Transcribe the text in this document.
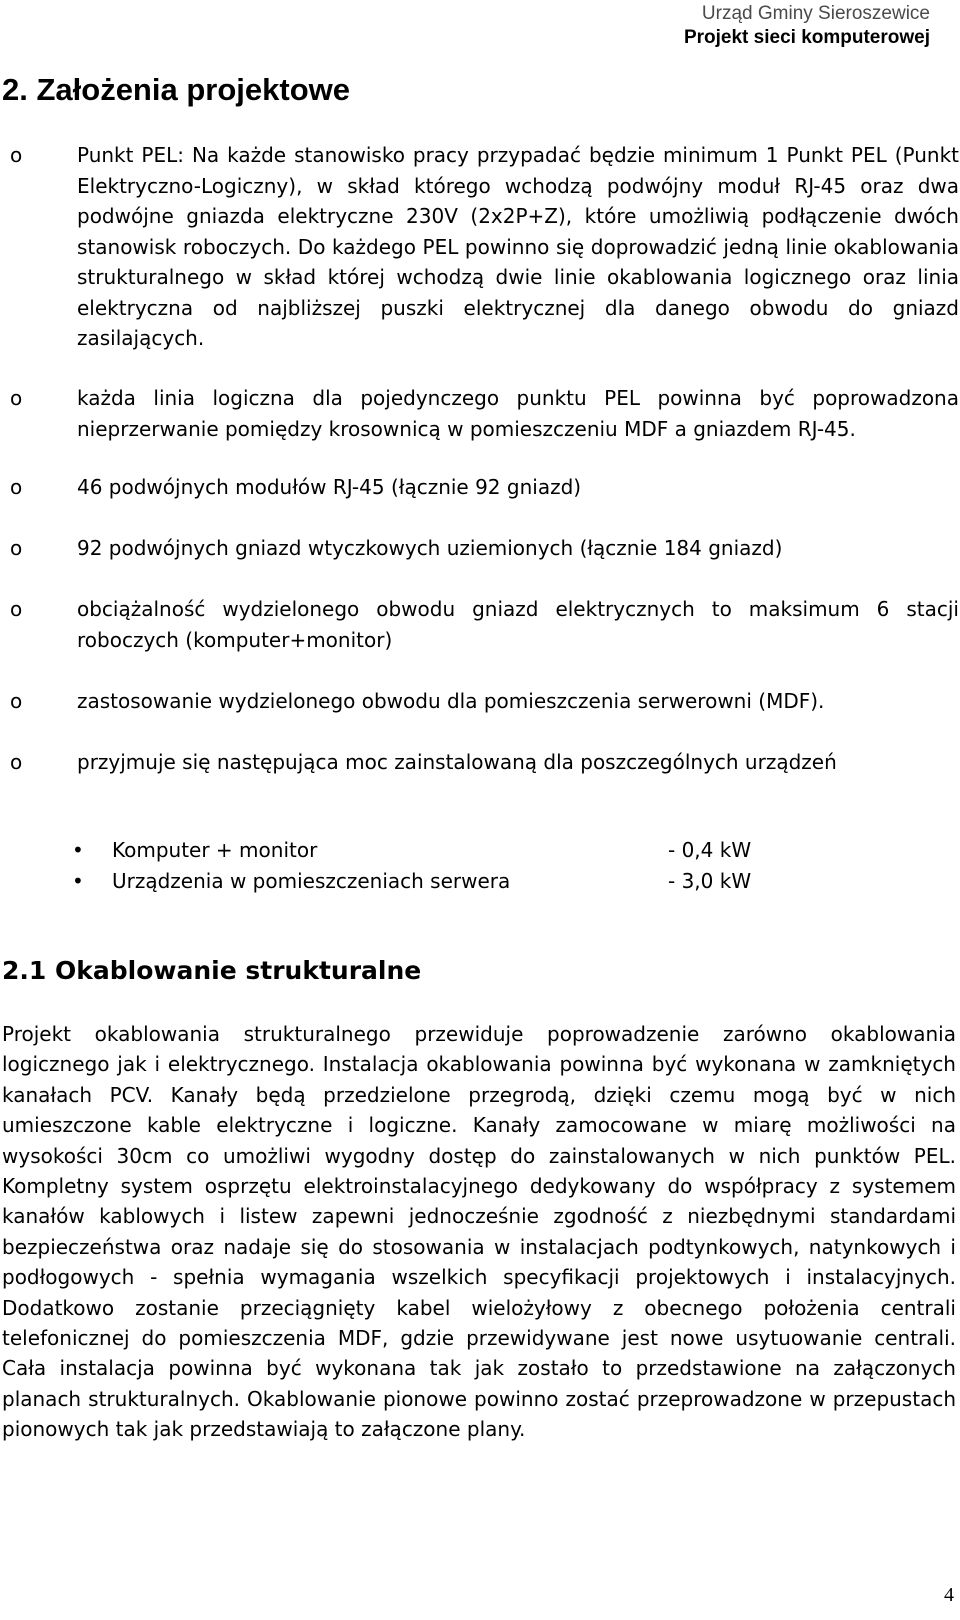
Urząd Gminy Sieroszewice
Projekt sieci komputerowej
2. Założenia projektowe
o	Punkt PEL: Na każde stanowisko pracy przypadać będzie minimum 1 Punkt PEL (Punkt Elektryczno-Logiczny), w skład którego wchodzą podwójny moduł RJ-45 oraz dwa podwójne gniazda elektryczne 230V (2x2P+Z), które umożliwią podłączenie dwóch stanowisk roboczych. Do każdego PEL powinno się doprowadzić jedną linie okablowania strukturalnego w skład której wchodzą dwie linie okablowania logicznego oraz linia elektryczna od najbliższej puszki elektrycznej dla danego obwodu do gniazd zasilających.
o	każda linia logiczna dla pojedynczego punktu PEL powinna być poprowadzona nieprzerwanie pomiędzy krosownicą w pomieszczeniu MDF a gniazdem RJ-45.
o	46 podwójnych modułów RJ-45 (łącznie 92 gniazd)
o	92 podwójnych gniazd wtyczkowych uziemionych (łącznie 184 gniazd)
o	obciążalność wydzielonego obwodu gniazd elektrycznych to maksimum 6 stacji roboczych (komputer+monitor)
o	zastosowanie wydzielonego obwodu dla pomieszczenia serwerowni (MDF).
o	przyjmuje się następująca moc zainstalowaną dla poszczególnych urządzeń
• Komputer + monitor	- 0,4 kW
• Urządzenia w pomieszczeniach serwera	- 3,0 kW
2.1 Okablowanie strukturalne
Projekt okablowania strukturalnego przewiduje poprowadzenie zarówno okablowania logicznego jak i elektrycznego. Instalacja okablowania powinna być wykonana w zamkniętych kanałach PCV. Kanały będą przedzielone przegrodą, dzięki czemu mogą być w nich umieszczone kable elektryczne i logiczne. Kanały zamocowane w miarę możliwości na wysokości 30cm co umożliwi wygodny dostęp do zainstalowanych w nich punktów PEL. Kompletny system osprzętu elektroinstalacyjnego dedykowany do współpracy z systemem kanałów kablowych i listew zapewni jednocześnie zgodność z niezbędnymi standardami bezpieczeństwa oraz nadaje się do stosowania w instalacjach podtynkowych, natynkowych i podłogowych - spełnia wymagania wszelkich specyfikacji projektowych i instalacyjnych. Dodatkowo zostanie przeciągnięty kabel wielożyłowy z obecnego położenia centrali telefonicznej do pomieszczenia MDF, gdzie przewidywane jest nowe usytuowanie centrali. Cała instalacja powinna być wykonana tak jak zostało to przedstawione na załączonych planach strukturalnych. Okablowanie pionowe powinno zostać przeprowadzone w przepustach pionowych tak jak przedstawiają to załączone plany.
4
